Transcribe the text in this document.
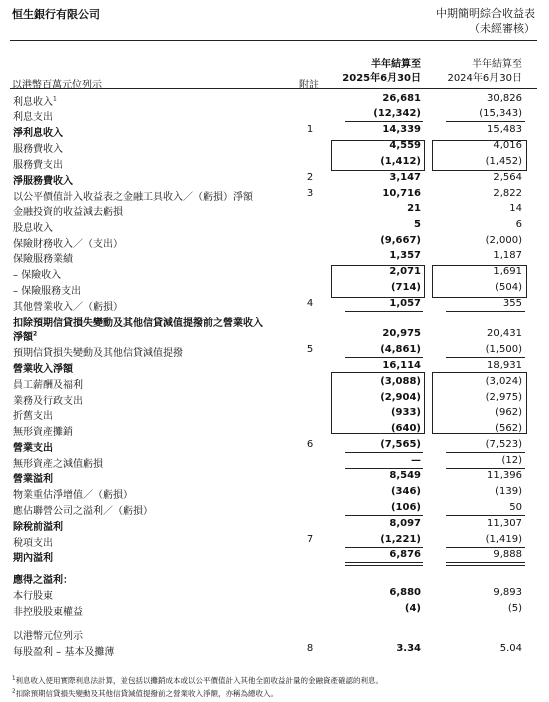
恒生銀行有限公司	中期簡明綜合收益表
（未經審核）
半年結算至
2025年6月30日
半年結算至
2024年6月30日
以港幣百萬元位列示	附註
利息收入$^1$	26,681	30,826
利息支出	(12,342)	(15,343)
淨利息收入	1	14,339	15,483
服務費收入	4,559	4,016
服務費支出	(1,412)	(1,452)
淨服務費收入	2	3,147	2,564
以公平價值計入收益表之金融工具收入／（虧損）淨額	3	10,716	2,822
金融投資的收益減去虧損	21	14
股息收入	5	6
保險財務收入／（支出）	(9,667)	(2,000)
保險服務業績	1,357	1,187
– 保險收入	2,071	1,691
– 保險服務支出	(714)	(504)
其他營業收入／（虧損）	4	1,057	355
扣除預期信貸損失變動及其他信貸減值提撥前之營業收入
淨額$^2$	20,975	20,431
預期信貸損失變動及其他信貸減值提撥	5	(4,861)	(1,500)
營業收入淨額	16,114	18,931
員工薪酬及福利	(3,088)	(3,024)
業務及行政支出	(2,904)	(2,975)
折舊支出	(933)	(962)
無形資產攤銷	(640)	(562)
營業支出	6	(7,565)	(7,523)
無形資產之減值虧損	—	(12)
營業溢利	8,549	11,396
物業重估淨增值／（虧損）	(346)	(139)
應佔聯營公司之溢利／（虧損）	(106)	50
除稅前溢利	8,097	11,307
稅項支出	7	(1,221)	(1,419)
期內溢利	6,876	9,888
應得之溢利：
本行股東	6,880	9,893
非控股股東權益	(4)	(5)
以港幣元位列示
每股盈利 – 基本及攤薄	8	3.34	5.04
$^1$利息收入使用實際利息法計算，並包括以攤銷成本或以公平價值計入其他全面收益計量的金融資產確認的利息。
$^2$扣除預期信貸損失變動及其他信貸減值提撥前之營業收入淨額，亦稱為總收入。
